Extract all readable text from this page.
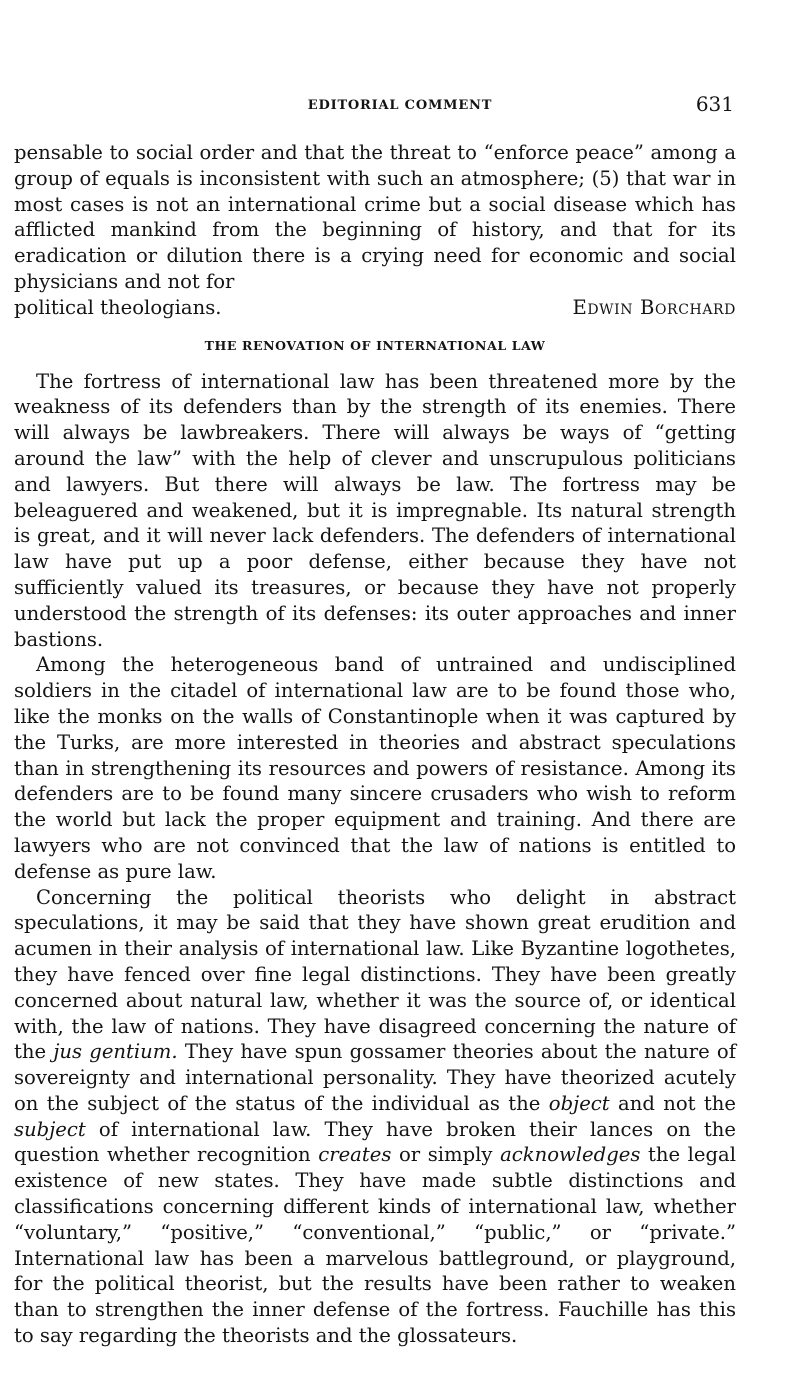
EDITORIAL COMMENT	631

pensable to social order and that the threat to “enforce peace” among a group of equals is inconsistent with such an atmosphere; (5) that war in most cases is not an international crime but a social disease which has afflicted mankind from the beginning of history, and that for its eradication or dilution there is a crying need for economic and social physicians and not for

political theologians.	Edwin Borchard
THE RENOVATION OF INTERNATIONAL LAW

The fortress of international law has been threatened more by the weakness of its defenders than by the strength of its enemies. There will always be lawbreakers. There will always be ways of “getting around the law” with the help of clever and unscrupulous politicians and lawyers. But there will always be law. The fortress may be beleaguered and weakened, but it is impregnable. Its natural strength is great, and it will never lack defenders. The defenders of international law have put up a poor defense, either because they have not sufficiently valued its treasures, or because they have not properly understood the strength of its defenses: its outer approaches and inner bastions.

Among the heterogeneous band of untrained and undisciplined soldiers in the citadel of international law are to be found those who, like the monks on the walls of Constantinople when it was captured by the Turks, are more interested in theories and abstract speculations than in strengthening its resources and powers of resistance. Among its defenders are to be found many sincere crusaders who wish to reform the world but lack the proper equipment and training. And there are lawyers who are not convinced that the law of nations is entitled to defense as pure law.

Concerning the political theorists who delight in abstract speculations, it may be said that they have shown great erudition and acumen in their analysis of international law. Like Byzantine logothetes, they have fenced over fine legal distinctions. They have been greatly concerned about natural law, whether it was the source of, or identical with, the law of nations. They have disagreed concerning the nature of the jus gentium. They have spun gossamer theories about the nature of sovereignty and international personality. They have theorized acutely on the subject of the status of the individual as the object and not the subject of international law. They have broken their lances on the question whether recognition creates or simply acknowledges the legal existence of new states. They have made subtle distinctions and classifications concerning different kinds of international law, whether “voluntary,” “positive,” “conventional,” “public,” or “private.” International law has been a marvelous battleground, or playground, for the political theorist, but the results have been rather to weaken than to strengthen the inner defense of the fortress. Fauchille has this to say regarding the theorists and the glossateurs.
